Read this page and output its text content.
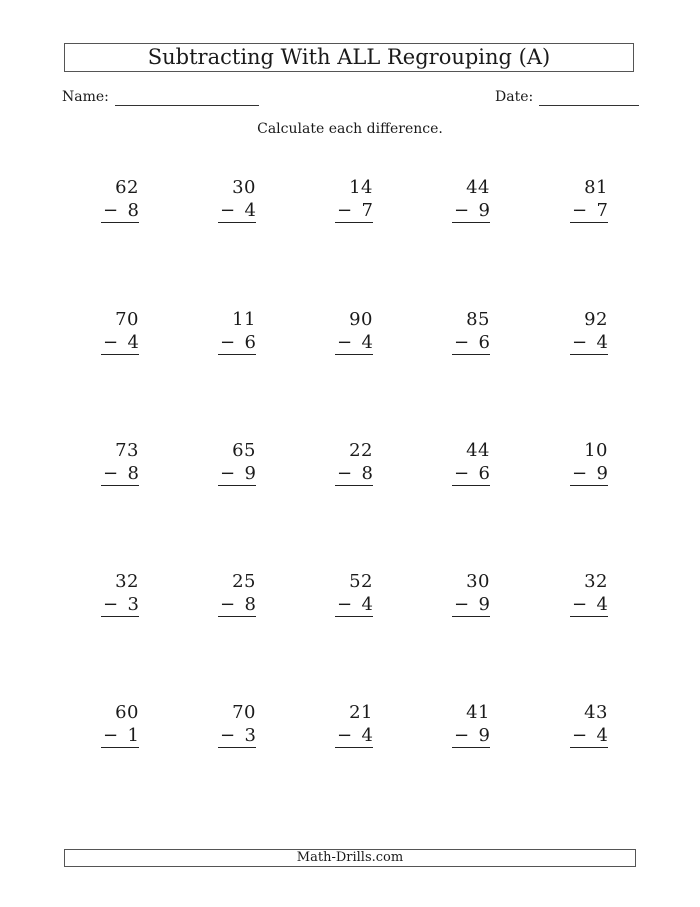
Subtracting With ALL Regrouping (A)
Name:	Date:
Calculate each difference.
62
− 8
30
− 4
14
− 7
44
− 9
81
− 7
70
− 4
11
− 6
90
− 4
85
− 6
92
− 4
73
− 8
65
− 9
22
− 8
44
− 6
10
− 9
32
− 3
25
− 8
52
− 4
30
− 9
32
− 4
60
− 1
70
− 3
21
− 4
41
− 9
43
− 4
Math-Drills.com
